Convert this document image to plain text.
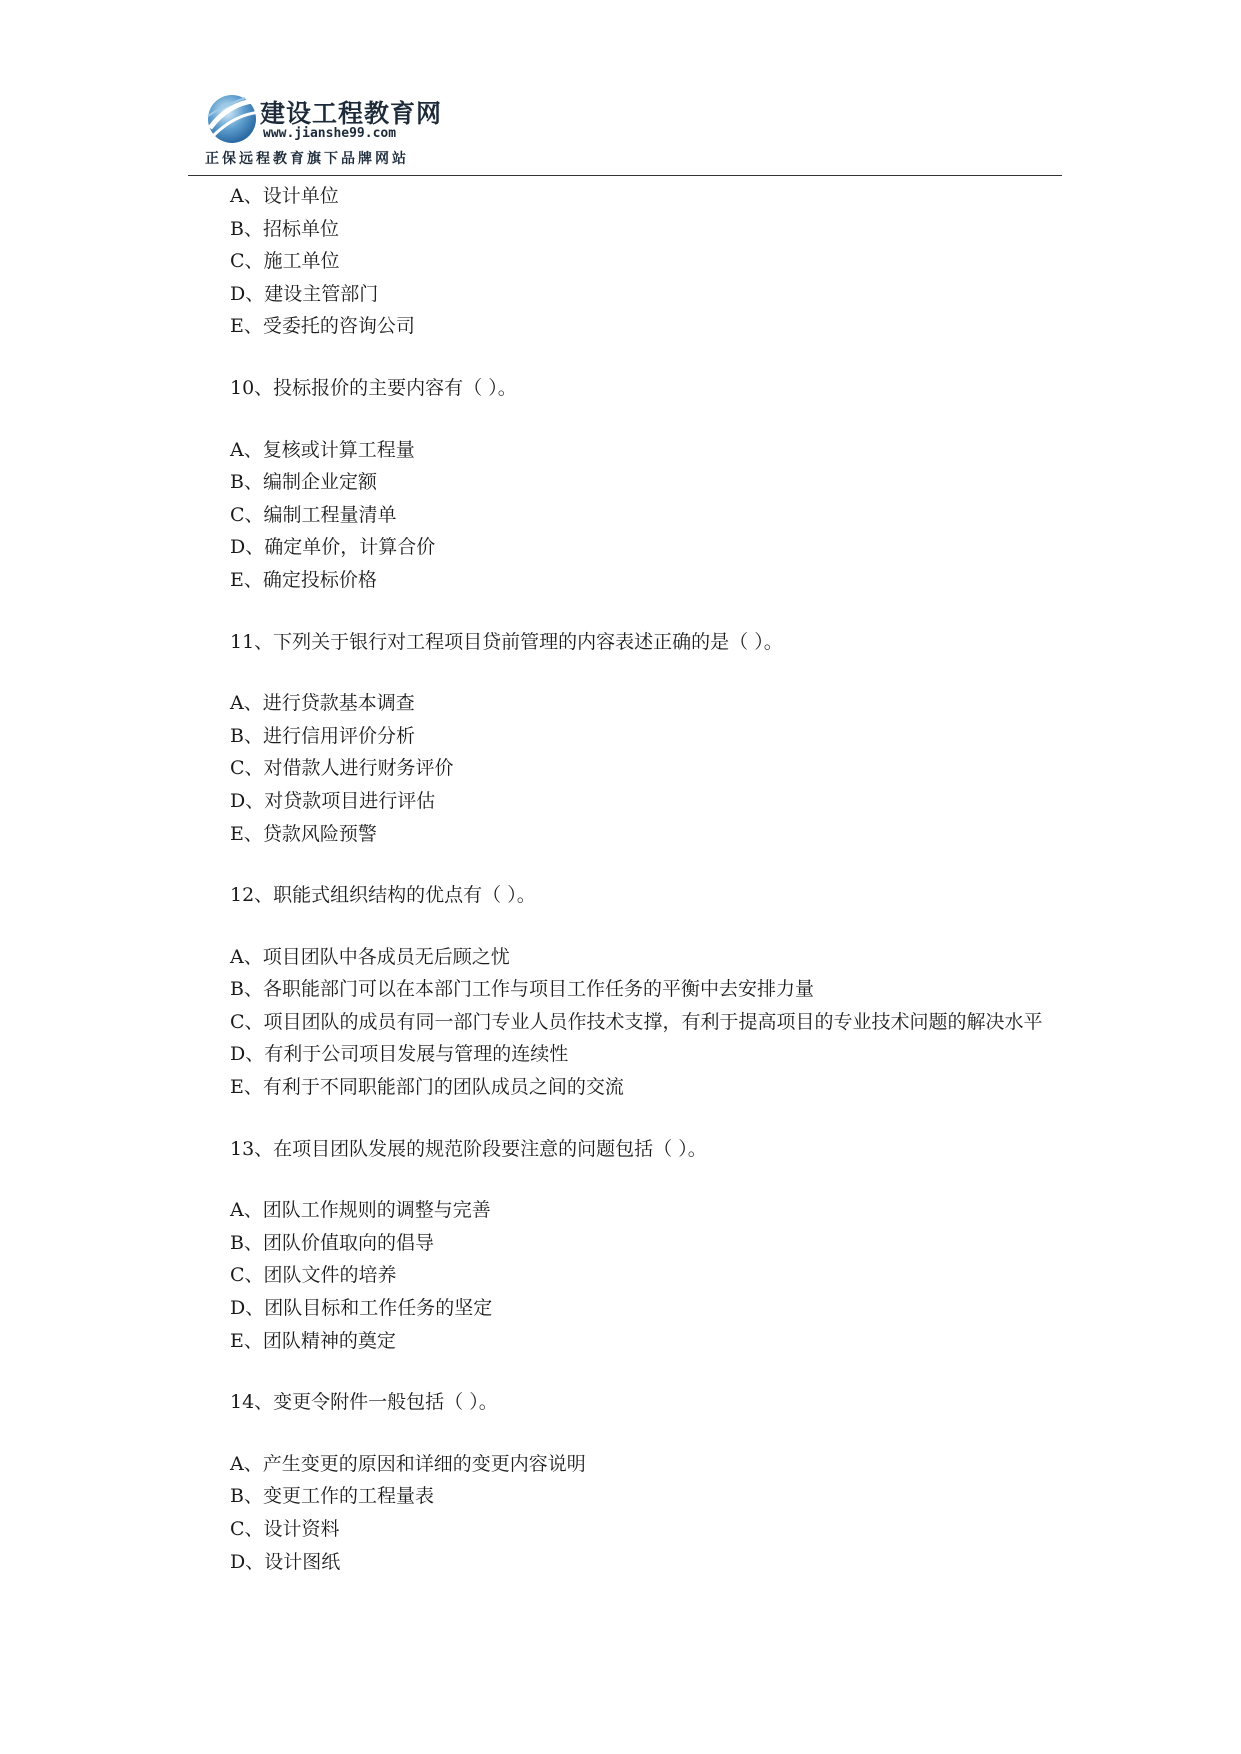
建设工程教育网
www.jianshe99.com
正保远程教育旗下品牌网站
A、设计单位
B、招标单位
C、施工单位
D、建设主管部门
E、受委托的咨询公司
10、投标报价的主要内容有（ ）。
A、复核或计算工程量
B、编制企业定额
C、编制工程量清单
D、确定单价，计算合价
E、确定投标价格
11、下列关于银行对工程项目贷前管理的内容表述正确的是（ ）。
A、进行贷款基本调查
B、进行信用评价分析
C、对借款人进行财务评价
D、对贷款项目进行评估
E、贷款风险预警
12、职能式组织结构的优点有（ ）。
A、项目团队中各成员无后顾之忧
B、各职能部门可以在本部门工作与项目工作任务的平衡中去安排力量
C、项目团队的成员有同一部门专业人员作技术支撑，有利于提高项目的专业技术问题的解决水平
D、有利于公司项目发展与管理的连续性
E、有利于不同职能部门的团队成员之间的交流
13、在项目团队发展的规范阶段要注意的问题包括（ ）。
A、团队工作规则的调整与完善
B、团队价值取向的倡导
C、团队文件的培养
D、团队目标和工作任务的坚定
E、团队精神的奠定
14、变更令附件一般包括（ ）。
A、产生变更的原因和详细的变更内容说明
B、变更工作的工程量表
C、设计资料
D、设计图纸
